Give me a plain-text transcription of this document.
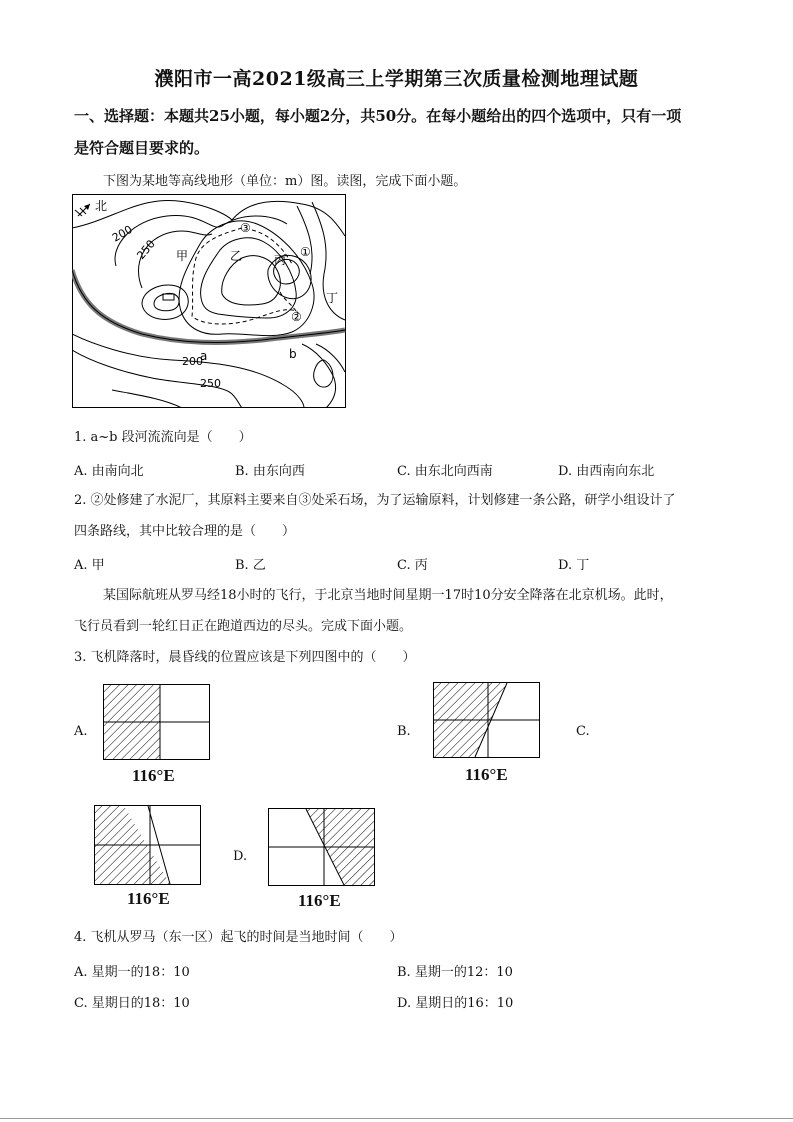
濮阳市一高2021级高三上学期第三次质量检测地理试题
一、选择题：本题共25小题，每小题2分，共50分。在每小题给出的四个选项中，只有一项
是符合题目要求的。
下图为某地等高线地形（单位：m）图。读图，完成下面小题。
北
200
250
200
250
甲	乙	丙
丁
①
②
③
a	b
1. a~b 段河流流向是（　　）
A. 由南向北	B. 由东向西	C. 由东北向西南	D. 由西南向东北
2. ②处修建了水泥厂，其原料主要来自③处采石场，为了运输原料，计划修建一条公路，研学小组设计了
四条路线，其中比较合理的是（　　）
A. 甲	B. 乙	C. 丙	D. 丁
某国际航班从罗马经18小时的飞行，于北京当地时间星期一17时10分安全降落在北京机场。此时，
飞行员看到一轮红日正在跑道西边的尽头。完成下面小题。
3. 飞机降落时，晨昏线的位置应该是下列四图中的（　　）
A.
116°E
B.
116°E
C.
116°E
D.
116°E
4. 飞机从罗马（东一区）起飞的时间是当地时间（　　）
A. 星期一的18：10	B. 星期一的12：10
C. 星期日的18：10	D. 星期日的16：10
